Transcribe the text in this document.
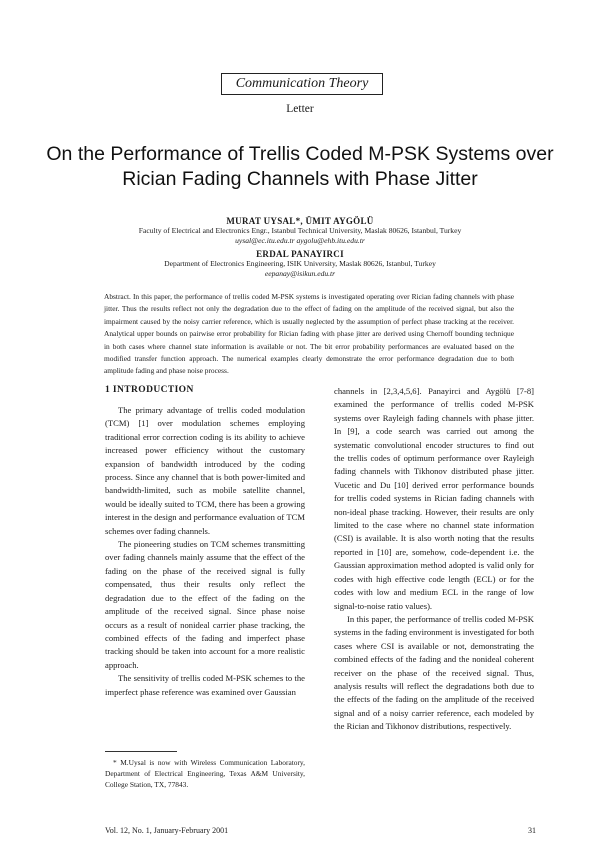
Communication Theory
Letter
On the Performance of Trellis Coded M-PSK Systems over Rician Fading Channels with Phase Jitter
MURAT UYSAL*, ÜMIT AYGÖLÜ
Faculty of Electrical and Electronics Engr., Istanbul Technical University, Maslak 80626, Istanbul, Turkey
uysal@ec.itu.edu.tr aygolu@ehb.itu.edu.tr
ERDAL PANAYIRCI
Department of Electronics Engineering, ISIK University, Maslak 80626, Istanbul, Turkey
eepanay@isikun.edu.tr
Abstract. In this paper, the performance of trellis coded M-PSK systems is investigated operating over Rician fading channels with phase jitter. Thus the results reflect not only the degradation due to the effect of fading on the amplitude of the received signal, but also the impairment caused by the noisy carrier reference, which is usually neglected by the assumption of perfect phase tracking at the receiver. Analytical upper bounds on pairwise error probability for Rician fading with phase jitter are derived using Chernoff bounding technique in both cases where channel state information is available or not. The bit error probability performances are evaluated based on the modified transfer function approach. The numerical examples clearly demonstrate the error performance degradation due to both amplitude fading and phase noise process.
1 INTRODUCTION

The primary advantage of trellis coded modulation (TCM) [1] over modulation schemes employing traditional error correction coding is its ability to achieve increased power efficiency without the customary expansion of bandwidth introduced by the coding process. Since any channel that is both power-limited and bandwidth-limited, such as mobile satellite channel, would be ideally suited to TCM, there has been a growing interest in the design and performance evaluation of TCM schemes over fading channels.

The pioneering studies on TCM schemes transmitting over fading channels mainly assume that the effect of the fading on the phase of the received signal is fully compensated, thus their results only reflect the degradation due to the effect of the fading on the amplitude of the received signal. Since phase noise occurs as a result of nonideal carrier phase tracking, the combined effects of the fading and imperfect phase tracking should be taken into account for a more realistic approach.

The sensitivity of trellis coded M-PSK schemes to the imperfect phase reference was examined over Gaussian

channels in [2,3,4,5,6]. Panayirci and Aygölü [7-8] examined the performance of trellis coded M-PSK systems over Rayleigh fading channels with phase jitter. In [9], a code search was carried out among the systematic convolutional encoder structures to find out the trellis codes of optimum performance over Rayleigh fading channels with Tikhonov distributed phase jitter. Vucetic and Du [10] derived error performance bounds for trellis coded systems in Rician fading channels with non-ideal phase tracking. However, their results are only limited to the case where no channel state information (CSI) is available. It is also worth noting that the results reported in [10] are, somehow, code-dependent i.e. the Gaussian approximation method adopted is valid only for codes with high effective code length (ECL) or for the codes with low and medium ECL in the range of low signal-to-noise ratio values).

In this paper, the performance of trellis coded M-PSK systems in the fading environment is investigated for both cases where CSI is available or not, demonstrating the combined effects of the fading and the nonideal coherent receiver on the phase of the received signal. Thus, analysis results will reflect the degradations both due to the effects of the fading on the amplitude of the received signal and of a noisy carrier reference, each modeled by the Rician and Tikhonov distributions, respectively.

* M.Uysal is now with Wireless Communication Laboratory, Department of Electrical Engineering, Texas A&M University, College Station, TX, 77843.
Vol. 12, No. 1, January-February 2001	31
